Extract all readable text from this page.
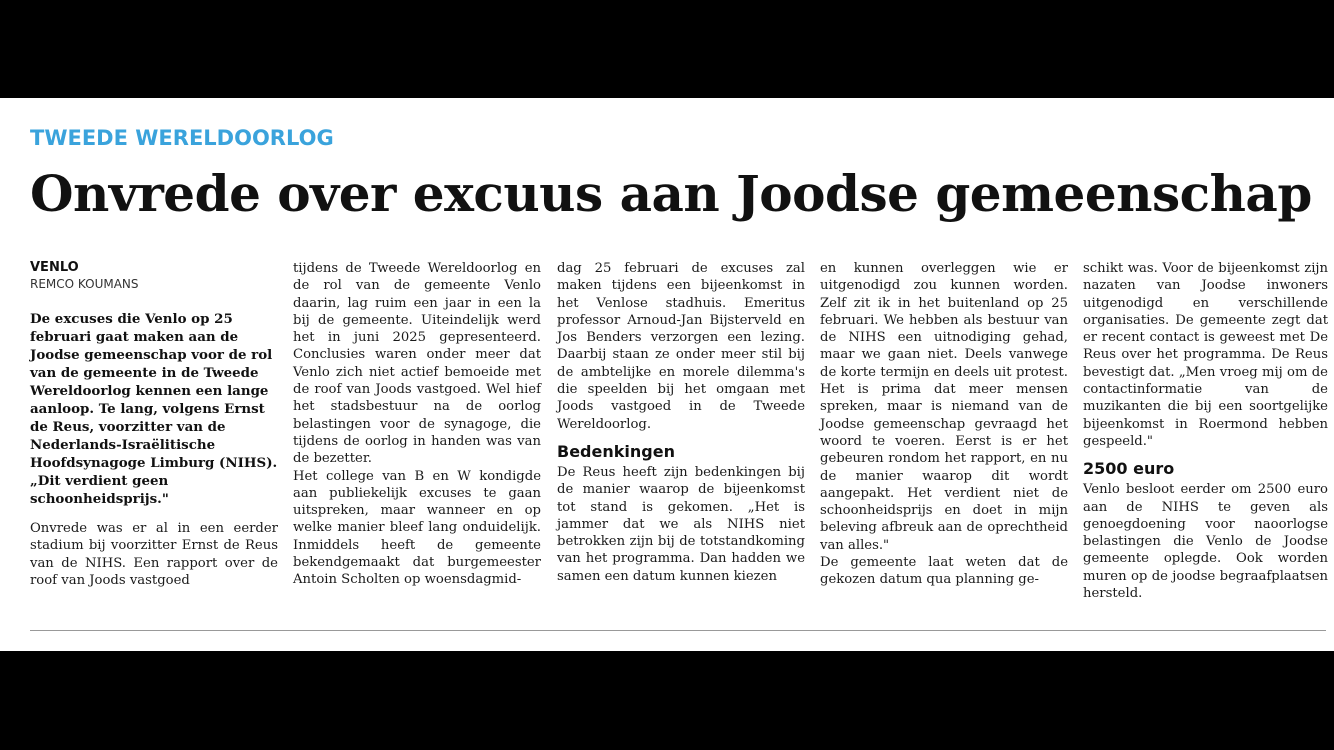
TWEEDE WERELDOORLOG
Onvrede over excuus aan Joodse gemeenschap
VENLO
REMCO KOUMANS

De excuses die Venlo op 25 februari gaat maken aan de Joodse gemeenschap voor de rol van de gemeente in de Tweede Wereldoorlog kennen een lange aanloop. Te lang, volgens Ernst de Reus, voorzitter van de Nederlands-Israëlitische Hoofdsynagoge Limburg (NIHS). „Dit verdient geen schoonheidsprijs."

Onvrede was er al in een eerder stadium bij voorzitter Ernst de Reus van de NIHS. Een rapport over de roof van Joods vastgoed

tijdens de Tweede Wereldoorlog en de rol van de gemeente Venlo daarin, lag ruim een jaar in een la bij de gemeente. Uiteindelijk werd het in juni 2025 gepresenteerd. Conclusies waren onder meer dat Venlo zich niet actief bemoeide met de roof van Joods vastgoed. Wel hief het stadsbestuur na de oorlog belastingen voor de synagoge, die tijdens de oorlog in handen was van de bezetter.

Het college van B en W kondigde aan publiekelijk excuses te gaan uitspreken, maar wanneer en op welke manier bleef lang onduidelijk. Inmiddels heeft de gemeente bekendgemaakt dat burgemeester Antoin Scholten op woensdagmid-

dag 25 februari de excuses zal maken tijdens een bijeenkomst in het Venlose stadhuis. Emeritus professor Arnoud-Jan Bijsterveld en Jos Benders verzorgen een lezing. Daarbij staan ze onder meer stil bij de ambtelijke en morele dilemma's die speelden bij het omgaan met Joods vastgoed in de Tweede Wereldoorlog.

Bedenkingen

De Reus heeft zijn bedenkingen bij de manier waarop de bijeenkomst tot stand is gekomen. „Het is jammer dat we als NIHS niet betrokken zijn bij de totstandkoming van het programma. Dan hadden we samen een datum kunnen kiezen

en kunnen overleggen wie er uitgenodigd zou kunnen worden. Zelf zit ik in het buitenland op 25 februari. We hebben als bestuur van de NIHS een uitnodiging gehad, maar we gaan niet. Deels vanwege de korte termijn en deels uit protest. Het is prima dat meer mensen spreken, maar is niemand van de Joodse gemeenschap gevraagd het woord te voeren. Eerst is er het gebeuren rondom het rapport, en nu de manier waarop dit wordt aangepakt. Het verdient niet de schoonheidsprijs en doet in mijn beleving afbreuk aan de oprechtheid van alles."

De gemeente laat weten dat de gekozen datum qua planning ge-

schikt was. Voor de bijeenkomst zijn nazaten van Joodse inwoners uitgenodigd en verschillende organisaties. De gemeente zegt dat er recent contact is geweest met De Reus over het programma. De Reus bevestigt dat. „Men vroeg mij om de contactinformatie van de muzikanten die bij een soortgelijke bijeenkomst in Roermond hebben gespeeld."

2500 euro

Venlo besloot eerder om 2500 euro aan de NIHS te geven als genoegdoening voor naoorlogse belastingen die Venlo de Joodse gemeente oplegde. Ook worden muren op de joodse begraafplaatsen hersteld.
